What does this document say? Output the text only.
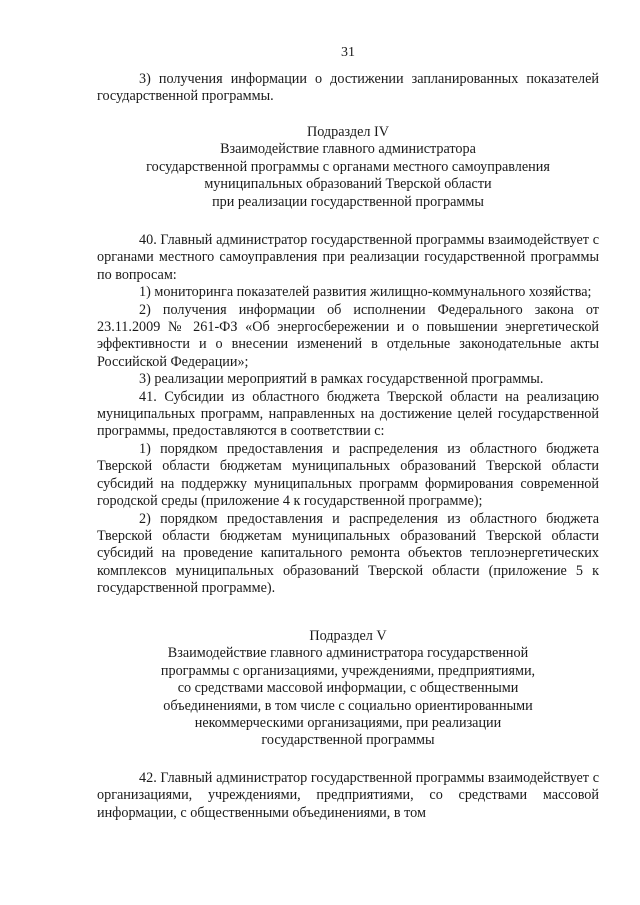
31

3) получения информации о достижении запланированных показателей государственной программы.

Подраздел IV

Взаимодействие главного администратора

государственной программы с органами местного самоуправления

муниципальных образований Тверской области

при реализации государственной программы

40. Главный администратор государственной программы взаимодействует с органами местного самоуправления при реализации государственной программы по вопросам:

1) мониторинга показателей развития жилищно-коммунального хозяйства;

2) получения информации об исполнении Федерального закона от 23.11.2009 № 261-ФЗ «Об энергосбережении и о повышении энергетической эффективности и о внесении изменений в отдельные законодательные акты Российской Федерации»;

3) реализации мероприятий в рамках государственной программы.

41. Субсидии из областного бюджета Тверской области на реализацию муниципальных программ, направленных на достижение целей государственной программы, предоставляются в соответствии с:

1) порядком предоставления и распределения из областного бюджета Тверской области бюджетам муниципальных образований Тверской области субсидий на поддержку муниципальных программ формирования современной городской среды (приложение 4 к государственной программе);

2) порядком предоставления и распределения из областного бюджета Тверской области бюджетам муниципальных образований Тверской области субсидий на проведение капитального ремонта объектов теплоэнергетических комплексов муниципальных образований Тверской области (приложение 5 к государственной программе).

Подраздел V

Взаимодействие главного администратора государственной

программы с организациями, учреждениями, предприятиями,

со средствами массовой информации, с общественными

объединениями, в том числе с социально ориентированными

некоммерческими организациями, при реализации

государственной программы

42. Главный администратор государственной программы взаимодействует с организациями, учреждениями, предприятиями, со средствами массовой информации, с общественными объединениями, в том
